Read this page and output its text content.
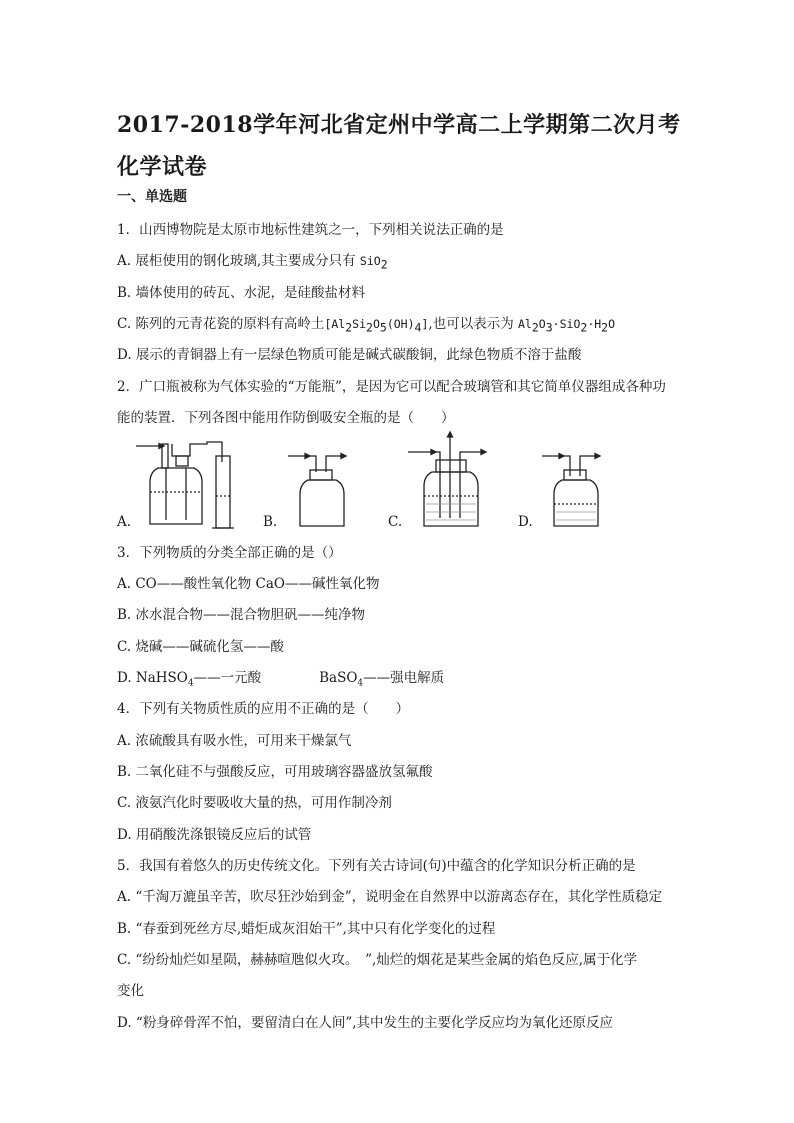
2017-2018学年河北省定州中学高二上学期第二次月考化学试卷
一、单选题
1．山西博物院是太原市地标性建筑之一，下列相关说法正确的是
A. 展柜使用的钢化玻璃,其主要成分只有 SiO$_2$
B. 墙体使用的砖瓦、水泥，是硅酸盐材料
C. 陈列的元青花瓷的原料有高岭土$[Al_2Si_2O_5(OH)_4]$,也可以表示为 $Al_2O_3\cdot SiO_2\cdot H_2O$
D. 展示的青铜器上有一层绿色物质可能是碱式碳酸铜，此绿色物质不溶于盐酸
2．广口瓶被称为气体实验的“万能瓶”，是因为它可以配合玻璃管和其它简单仪器组成各种功
能的装置．下列各图中能用作防倒吸安全瓶的是（　　）
A.	B.	C.	D.
3．下列物质的分类全部正确的是（）
A. CO——酸性氧化物 CaO——碱性氧化物
B. 冰水混合物——混合物胆矾——纯净物
C. 烧碱——碱硫化氢——酸
D. NaHSO$_4$——一元酸	BaSO$_4$——强电解质
4．下列有关物质性质的应用不正确的是（　　）
A. 浓硫酸具有吸水性，可用来干燥氯气
B. 二氧化硅不与强酸反应，可用玻璃容器盛放氢氟酸
C. 液氨汽化时要吸收大量的热，可用作制冷剂
D. 用硝酸洗涤银镜反应后的试管
5．我国有着悠久的历史传统文化。下列有关古诗词(句)中蕴含的化学知识分析正确的是
A. “千淘万漉虽辛苦，吹尽狂沙始到金”，说明金在自然界中以游离态存在，其化学性质稳定
B. “春蚕到死丝方尽,蜡炬成灰泪始干”,其中只有化学变化的过程
C. “纷纷灿烂如星陨，赫赫喧虺似火攻。　”,灿烂的烟花是某些金属的焰色反应,属于化学
变化
D. “粉身碎骨浑不怕，要留清白在人间”,其中发生的主要化学反应均为氧化还原反应
